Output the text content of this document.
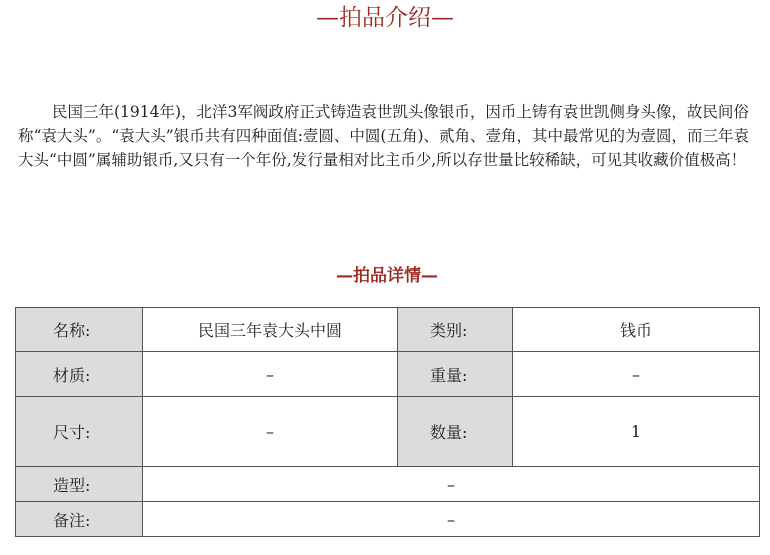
—拍品介绍—

民国三年(1914年)，北洋3军阀政府正式铸造袁世凯头像银币，因币上铸有袁世凯侧身头像，故民间俗称“袁大头”。“袁大头”银币共有四种面值:壹圆、中圆(五角)、贰角、壹角，其中最常见的为壹圆，而三年袁大头“中圆”属辅助银币,又只有一个年份,发行量相对比主币少,所以存世量比较稀缺，可见其收藏价值极高！

—拍品详情—
名称:	民国三年袁大头中圆	类别:	钱币
材质:	–	重量:	–
尺寸:	–	数量:	1
造型:	–		
备注:	–		
